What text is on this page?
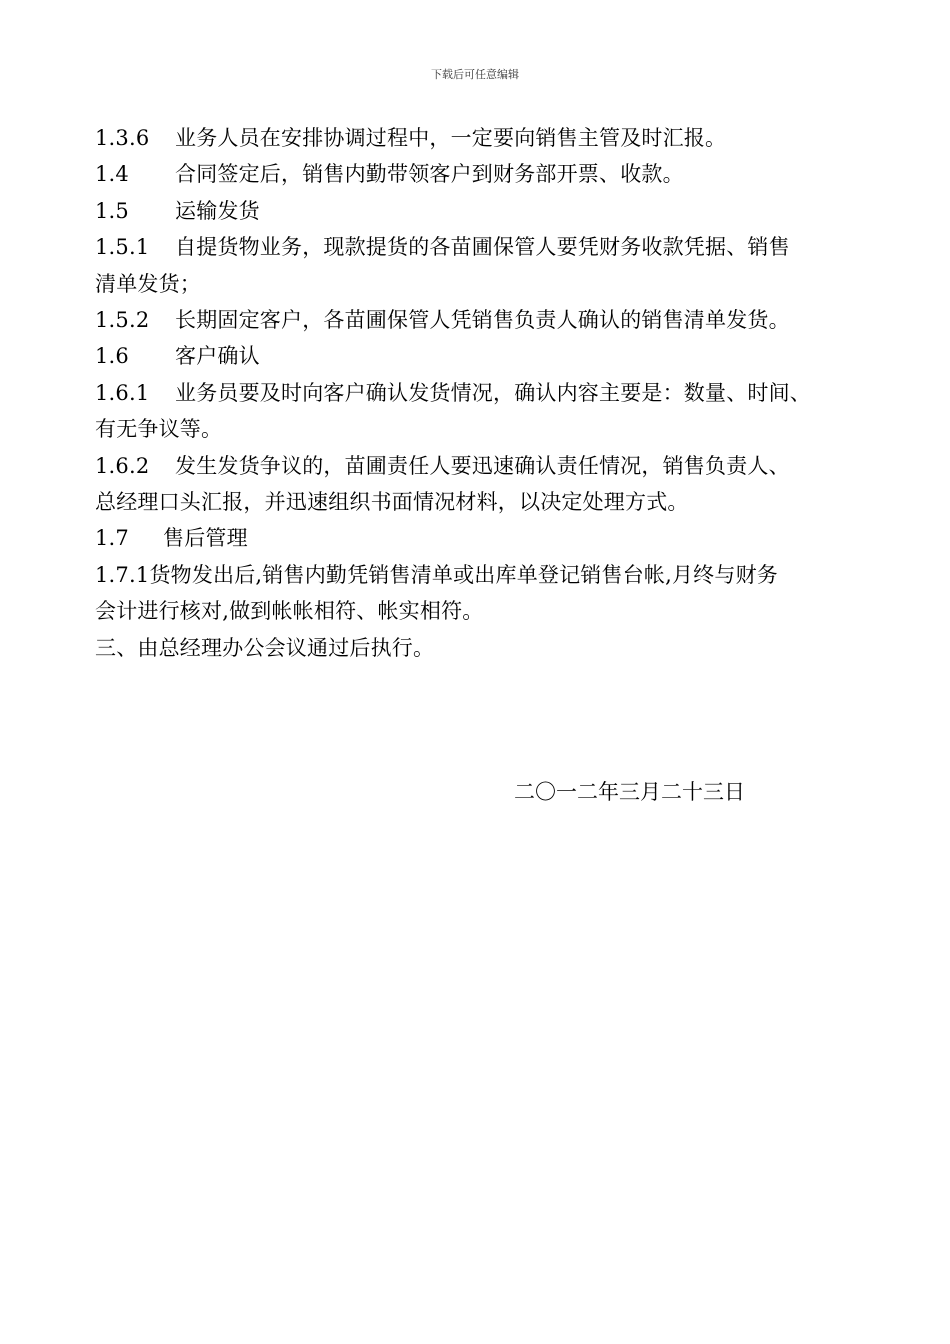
下载后可任意编辑
1.3.6 业务人员在安排协调过程中，一定要向销售主管及时汇报。
1.4 合同签定后，销售内勤带领客户到财务部开票、收款。
1.5 运输发货
1.5.1 自提货物业务，现款提货的各苗圃保管人要凭财务收款凭据、销售
清单发货；
1.5.2 长期固定客户，各苗圃保管人凭销售负责人确认的销售清单发货。
1.6 客户确认
1.6.1 业务员要及时向客户确认发货情况，确认内容主要是：数量、时间、
有无争议等。
1.6.2 发生发货争议的，苗圃责任人要迅速确认责任情况，销售负责人、
总经理口头汇报，并迅速组织书面情况材料，以决定处理方式。
1.7 售后管理
1.7.1货物发出后,销售内勤凭销售清单或出库单登记销售台帐,月终与财务
会计进行核对,做到帐帐相符、帐实相符。
三、由总经理办公会议通过后执行。
二〇一二年三月二十三日
